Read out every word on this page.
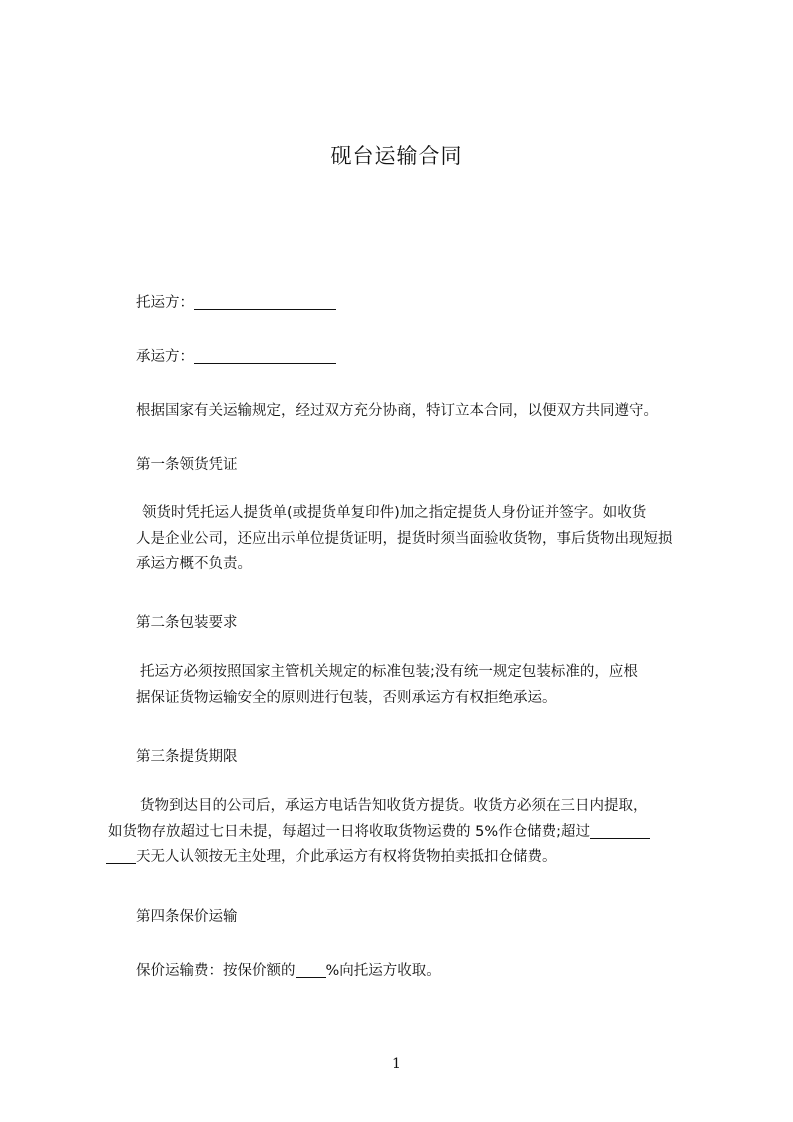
砚台运输合同
托运方：
承运方：
根据国家有关运输规定，经过双方充分协商，特订立本合同，以便双方共同遵守。
第一条领货凭证
领货时凭托运人提货单(或提货单复印件)加之指定提货人身份证并签字。如收货
人是企业公司，还应出示单位提货证明，提货时须当面验收货物，事后货物出现短损
承运方概不负责。
第二条包装要求
托运方必须按照国家主管机关规定的标准包装;没有统一规定包装标准的，应根
据保证货物运输安全的原则进行包装，否则承运方有权拒绝承运。
第三条提货期限
货物到达目的公司后，承运方电话告知收货方提货。收货方必须在三日内提取，
如货物存放超过七日未提，每超过一日将收取货物运费的 5%作仓储费;超过
天无人认领按无主处理，介此承运方有权将货物拍卖抵扣仓储费。
第四条保价运输
保价运输费：按保价额的 %向托运方收取。
1
